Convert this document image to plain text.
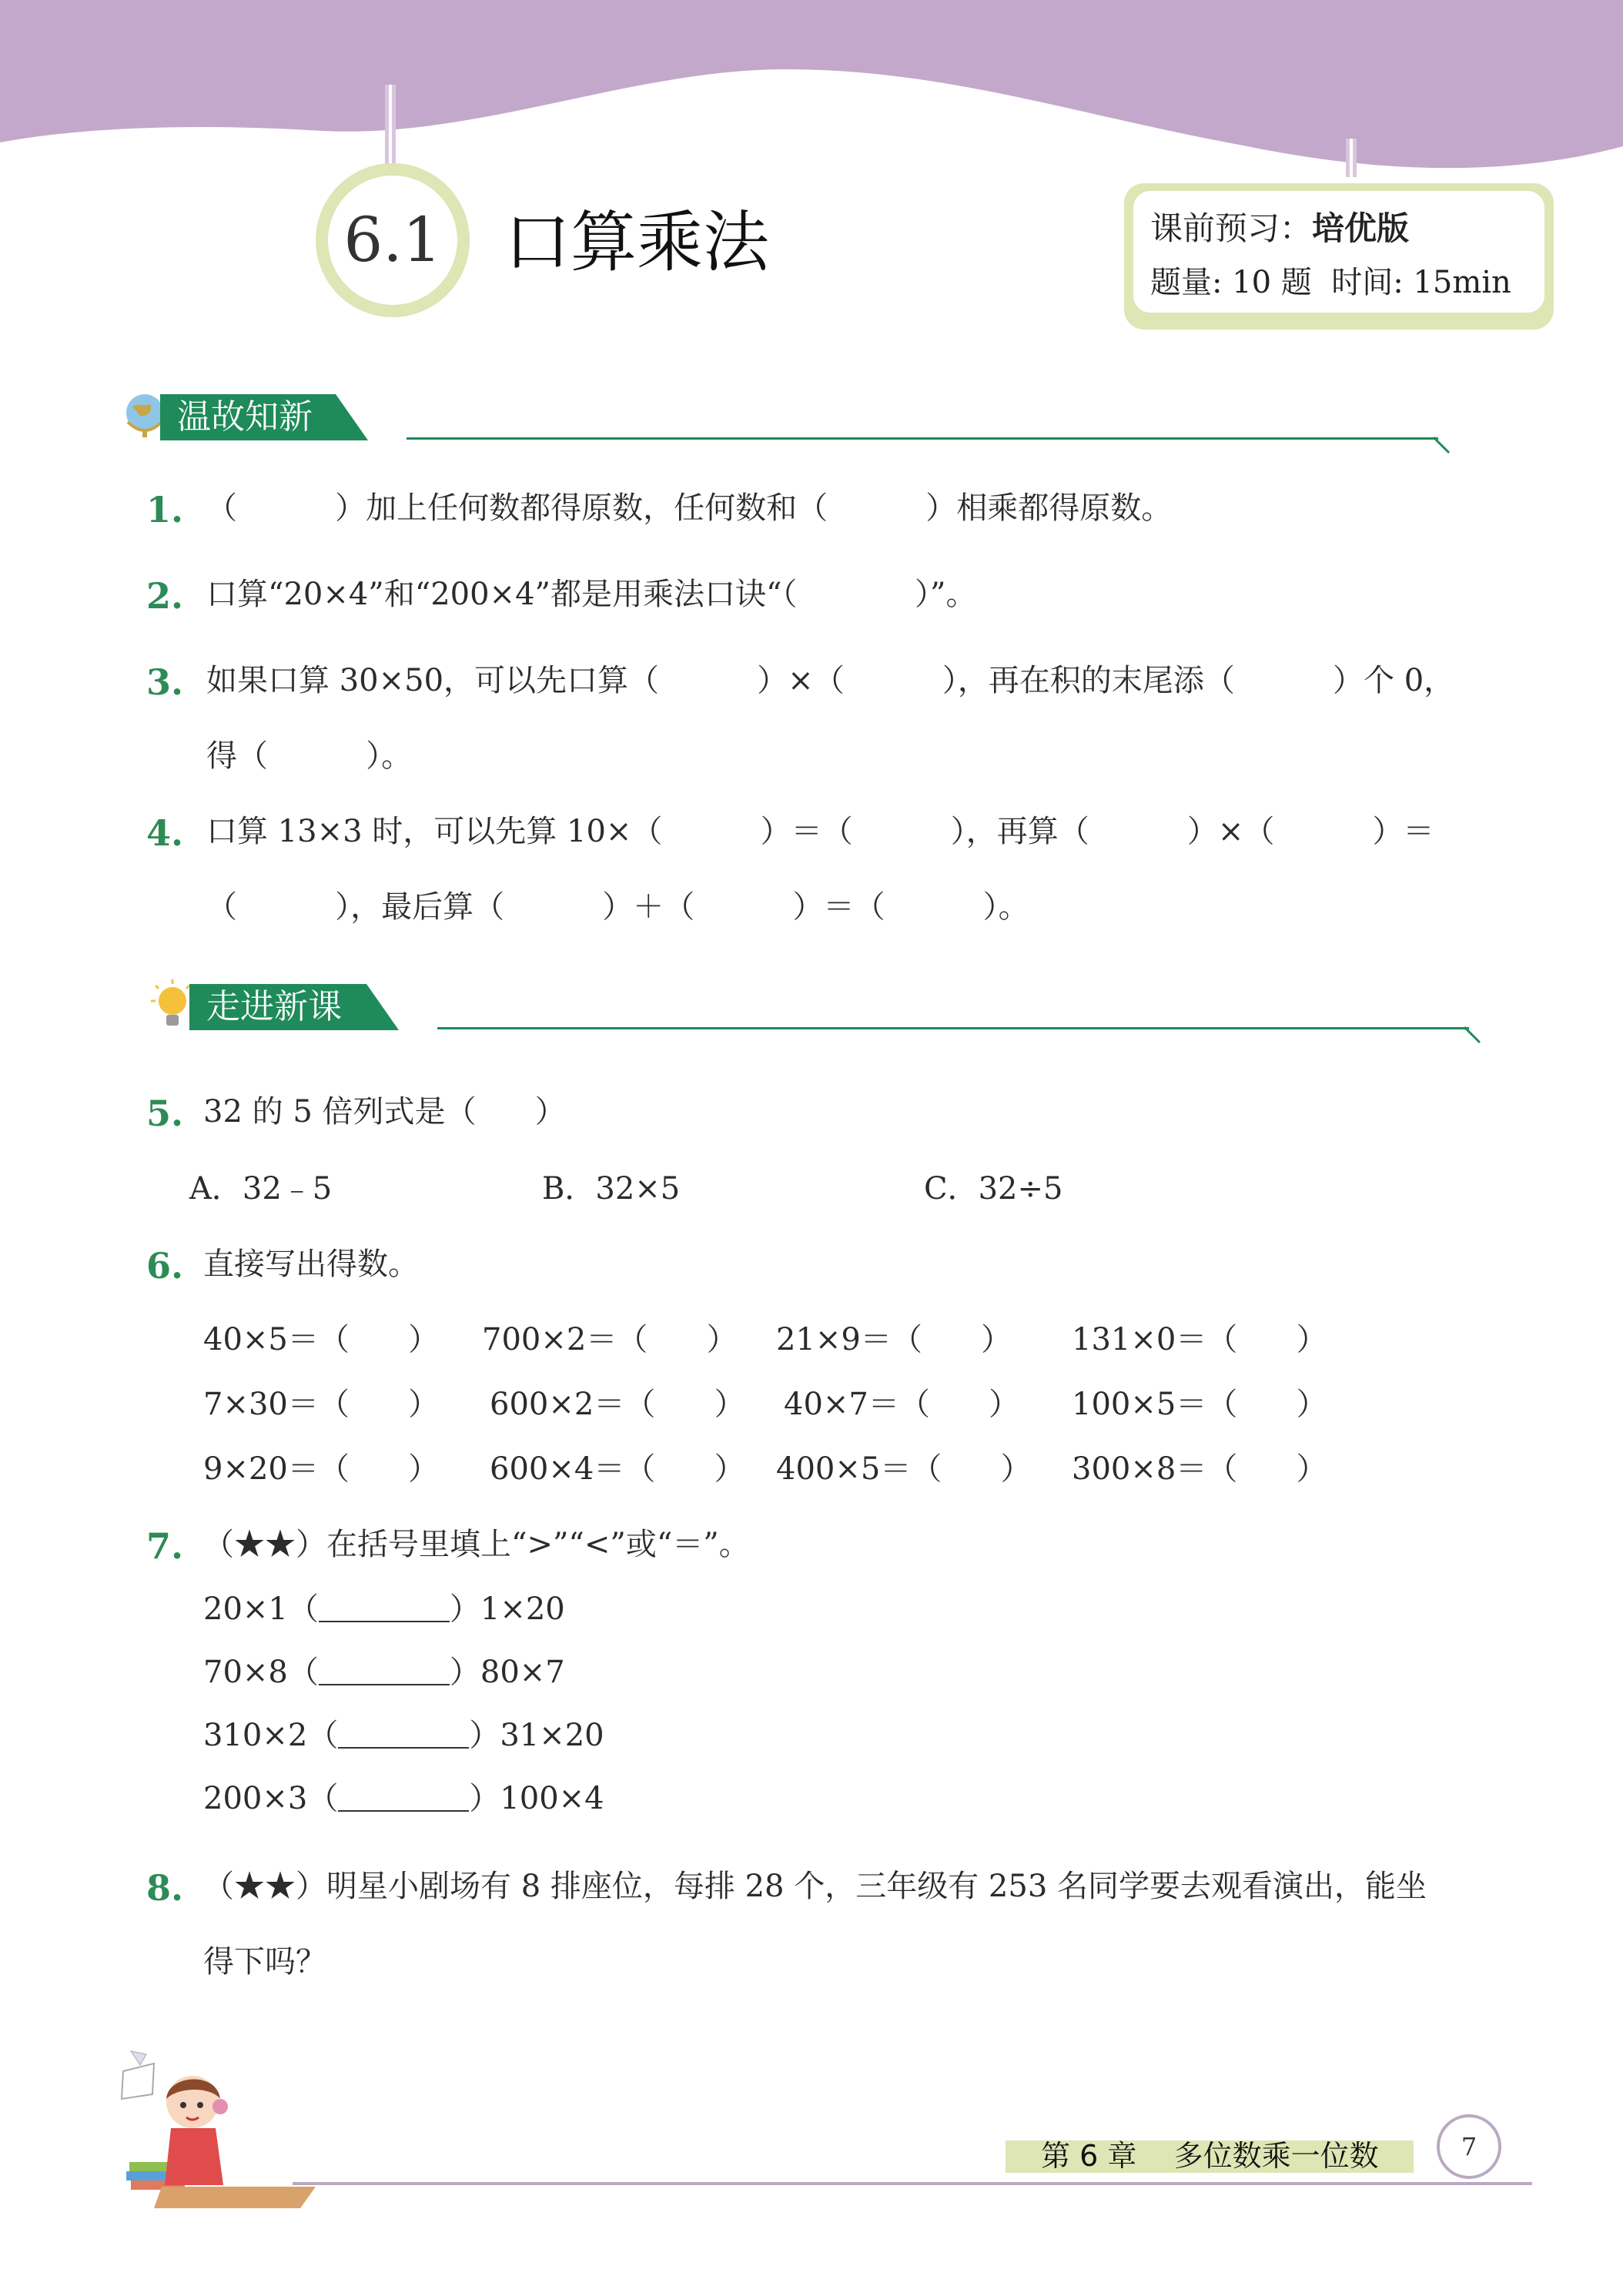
6.1 口算乘法	课前预习：培优版
题量: 10 题  时间: 15min
温故知新
1. （          ）加上任何数都得原数，任何数和（          ）相乘都得原数。
2. 口算“20×4”和“200×4”都是用乘法口诀“（            ）”。
3. 如果口算 30×50，可以先口算（          ）×（          ），再在积的末尾添（          ）个 0，
得（          ）。
4. 口算 13×3 时，可以先算 10×（          ）＝（          ），再算（          ）×（          ）＝
（          ），最后算（          ）＋（          ）＝（          ）。
走进新课
5. 32 的 5 倍列式是（      ）
A．32﹣5	B．32×5	C．32÷5
6. 直接写出得数。
40×5＝（      ） 700×2＝（      ） 21×9＝（      ） 131×0＝（      ）
7×30＝（      ） 600×2＝（      ） 40×7＝（      ） 100×5＝（      ）
9×20＝（      ） 600×4＝（      ） 400×5＝（      ） 300×8＝（      ）
7. （★★）在括号里填上“>”“<”或“＝”。
20×1（	）1×20
70×8（	）80×7
310×2（	）31×20
200×3（	）100×4
8. （★★）明星小剧场有 8 排座位，每排 28 个，三年级有 253 名同学要去观看演出，能坐
得下吗？
第 6 章    多位数乘一位数	7
